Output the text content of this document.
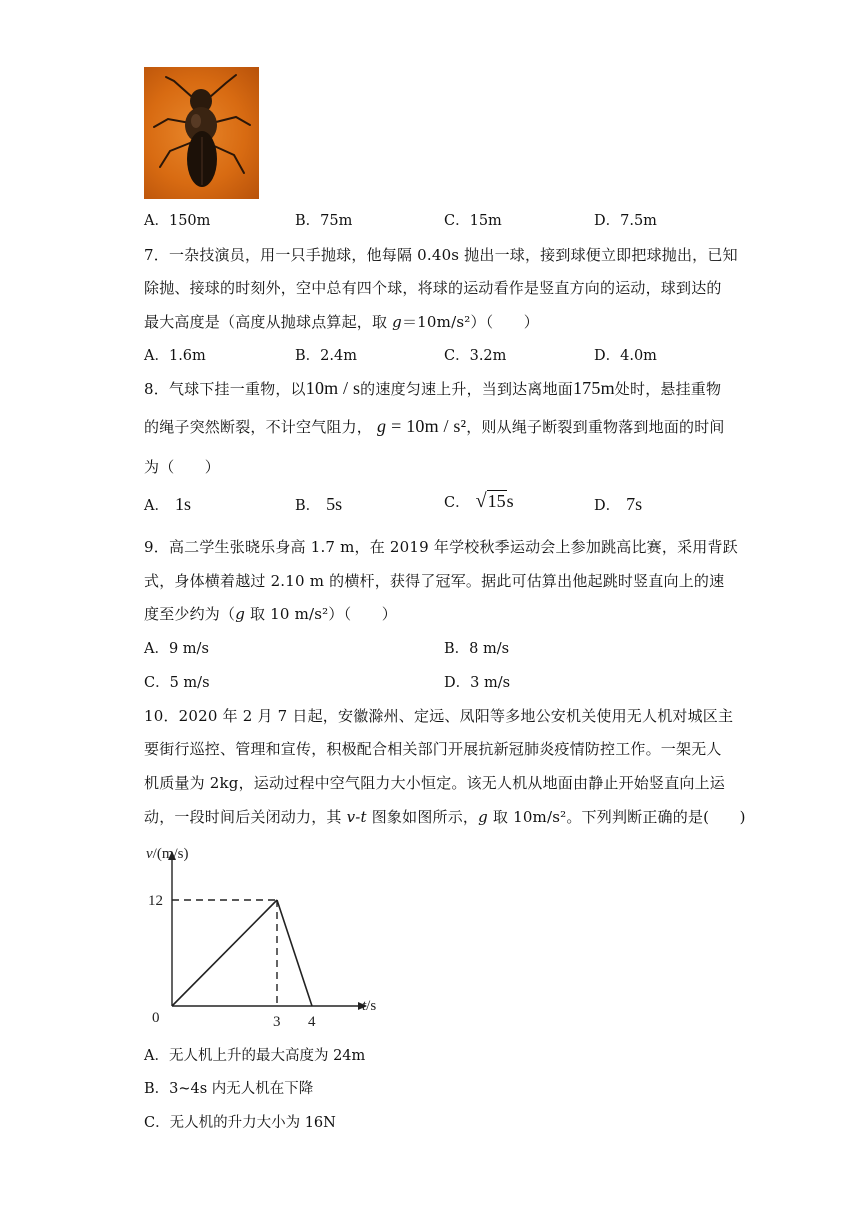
A．150m	B．75m	C．15m	D．7.5m
7．一杂技演员，用一只手抛球，他每隔 0.40s 抛出一球，接到球便立即把球抛出，已知
除抛、接球的时刻外，空中总有四个球，将球的运动看作是竖直方向的运动，球到达的
最大高度是（高度从抛球点算起，取 g＝10m/s²）（　　）
A．1.6m	B．2.4m	C．3.2m	D．4.0m
8．气球下挂一重物，以10m / s的速度匀速上升，当到达离地面175m处时，悬挂重物
的绳子突然断裂，不计空气阻力， g = 10m / s²，则从绳子断裂到重物落到地面的时间
为（　　）
A． 1s	B． 5s	C． √15s	D． 7s
9．高二学生张晓乐身高 1.7 m，在 2019 年学校秋季运动会上参加跳高比赛，采用背跃
式，身体横着越过 2.10 m 的横杆，获得了冠军。据此可估算出他起跳时竖直向上的速
度至少约为（g 取 10 m/s²）（　　）
A．9 m/s	B．8 m/s
C．5 m/s	D．3 m/s
10．2020 年 2 月 7 日起，安徽滁州、定远、凤阳等多地公安机关使用无人机对城区主
要街行巡控、管理和宣传，积极配合相关部门开展抗新冠肺炎疫情防控工作。一架无人
机质量为 2kg，运动过程中空气阻力大小恒定。该无人机从地面由静止开始竖直向上运
动，一段时间后关闭动力，其 v-t 图象如图所示，g 取 10m/s²。下列判断正确的是(　　)
v/(m/s)
t/s
0
12
3 4
A．无人机上升的最大高度为 24m
B．3~4s 内无人机在下降
C．无人机的升力大小为 16N
